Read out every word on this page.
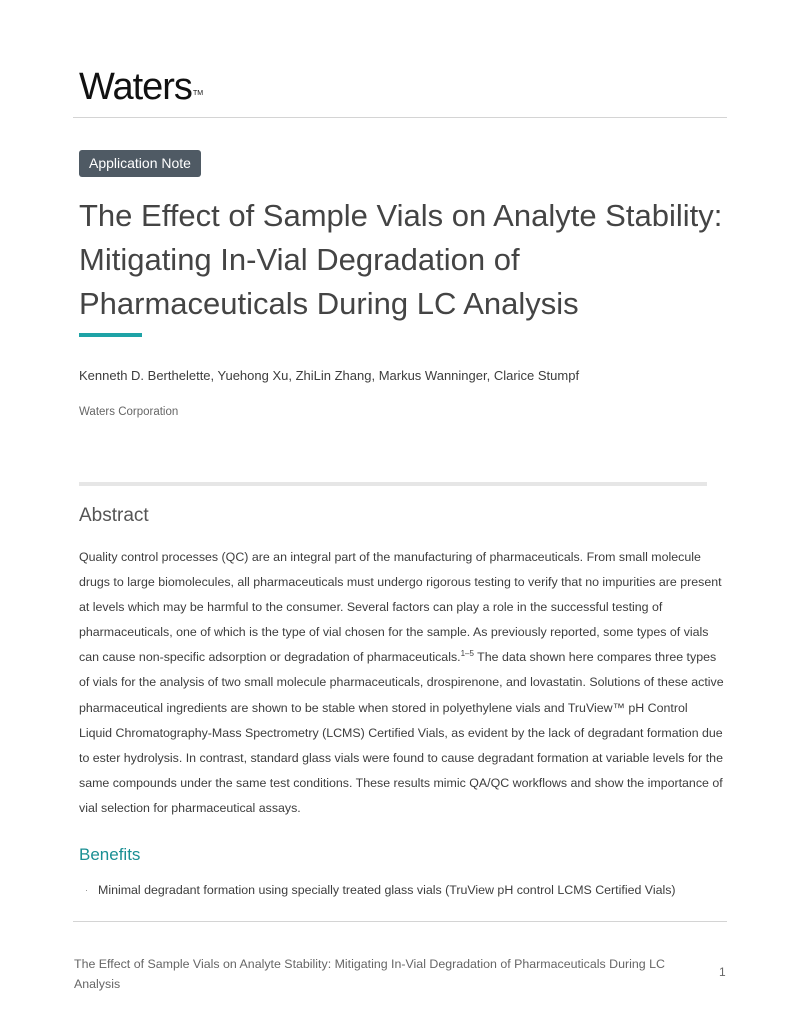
Waters™
Application Note
The Effect of Sample Vials on Analyte Stability: Mitigating In-Vial Degradation of Pharmaceuticals During LC Analysis
Kenneth D. Berthelette, Yuehong Xu, ZhiLin Zhang, Markus Wanninger, Clarice Stumpf
Waters Corporation
Abstract

Quality control processes (QC) are an integral part of the manufacturing of pharmaceuticals. From small molecule drugs to large biomolecules, all pharmaceuticals must undergo rigorous testing to verify that no impurities are present at levels which may be harmful to the consumer. Several factors can play a role in the successful testing of pharmaceuticals, one of which is the type of vial chosen for the sample. As previously reported, some types of vials can cause non-specific adsorption or degradation of pharmaceuticals.$^{1-5}$ The data shown here compares three types of vials for the analysis of two small molecule pharmaceuticals, drospirenone, and lovastatin. Solutions of these active pharmaceutical ingredients are shown to be stable when stored in polyethylene vials and TruView™ pH Control Liquid Chromatography-Mass Spectrometry (LCMS) Certified Vials, as evident by the lack of degradant formation due to ester hydrolysis. In contrast, standard glass vials were found to cause degradant formation at variable levels for the same compounds under the same test conditions. These results mimic QA/QC workflows and show the importance of vial selection for pharmaceutical assays.

Benefits
· Minimal degradant formation using specially treated glass vials (TruView pH control LCMS Certified Vials)
The Effect of Sample Vials on Analyte Stability: Mitigating In-Vial Degradation of Pharmaceuticals During LC Analysis
1
